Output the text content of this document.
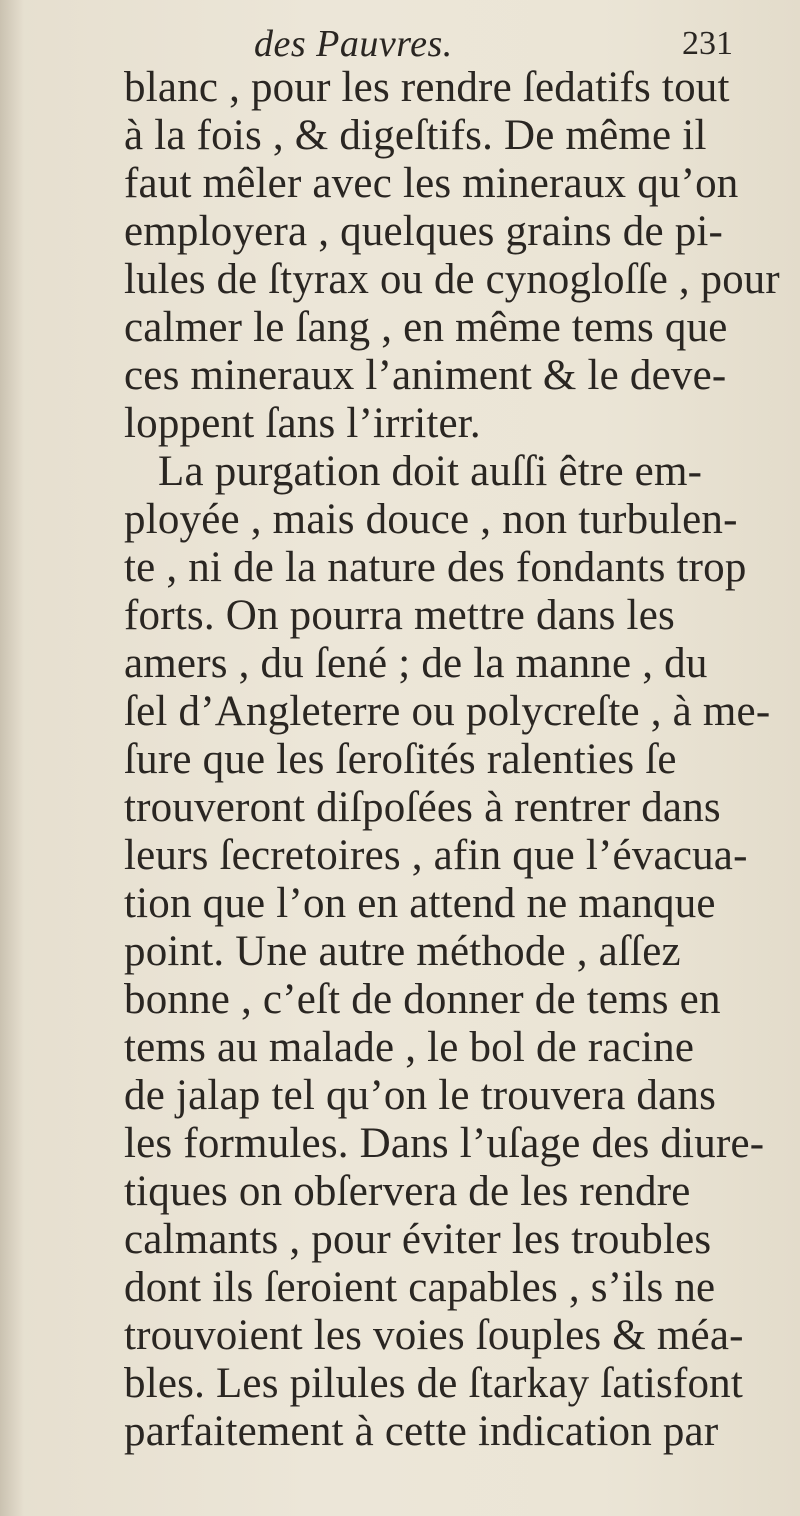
des Pauvres.	231
blanc , pour les rendre ſedatifs tout
à la fois , & digeſtifs. De même il
faut mêler avec les mineraux qu’on
employera , quelques grains de pi-
lules de ſtyrax ou de cynogloſſe , pour
calmer le ſang , en même tems que
ces mineraux l’animent & le deve-
loppent ſans l’irriter.
La purgation doit auſſi être em-
ployée , mais douce , non turbulen-
te , ni de la nature des fondants trop
forts. On pourra mettre dans les
amers , du ſené ; de la manne , du
ſel d’Angleterre ou polycreſte , à me-
ſure que les ſeroſités ralenties ſe
trouveront diſpoſées à rentrer dans
leurs ſecretoires , afin que l’évacua-
tion que l’on en attend ne manque
point. Une autre méthode , aſſez
bonne , c’eſt de donner de tems en
tems au malade , le bol de racine
de jalap tel qu’on le trouvera dans
les formules. Dans l’uſage des diure-
tiques on obſervera de les rendre
calmants , pour éviter les troubles
dont ils ſeroient capables , s’ils ne
trouvoient les voies ſouples & méa-
bles. Les pilules de ſtarkay ſatisfont
parfaitement à cette indication par
